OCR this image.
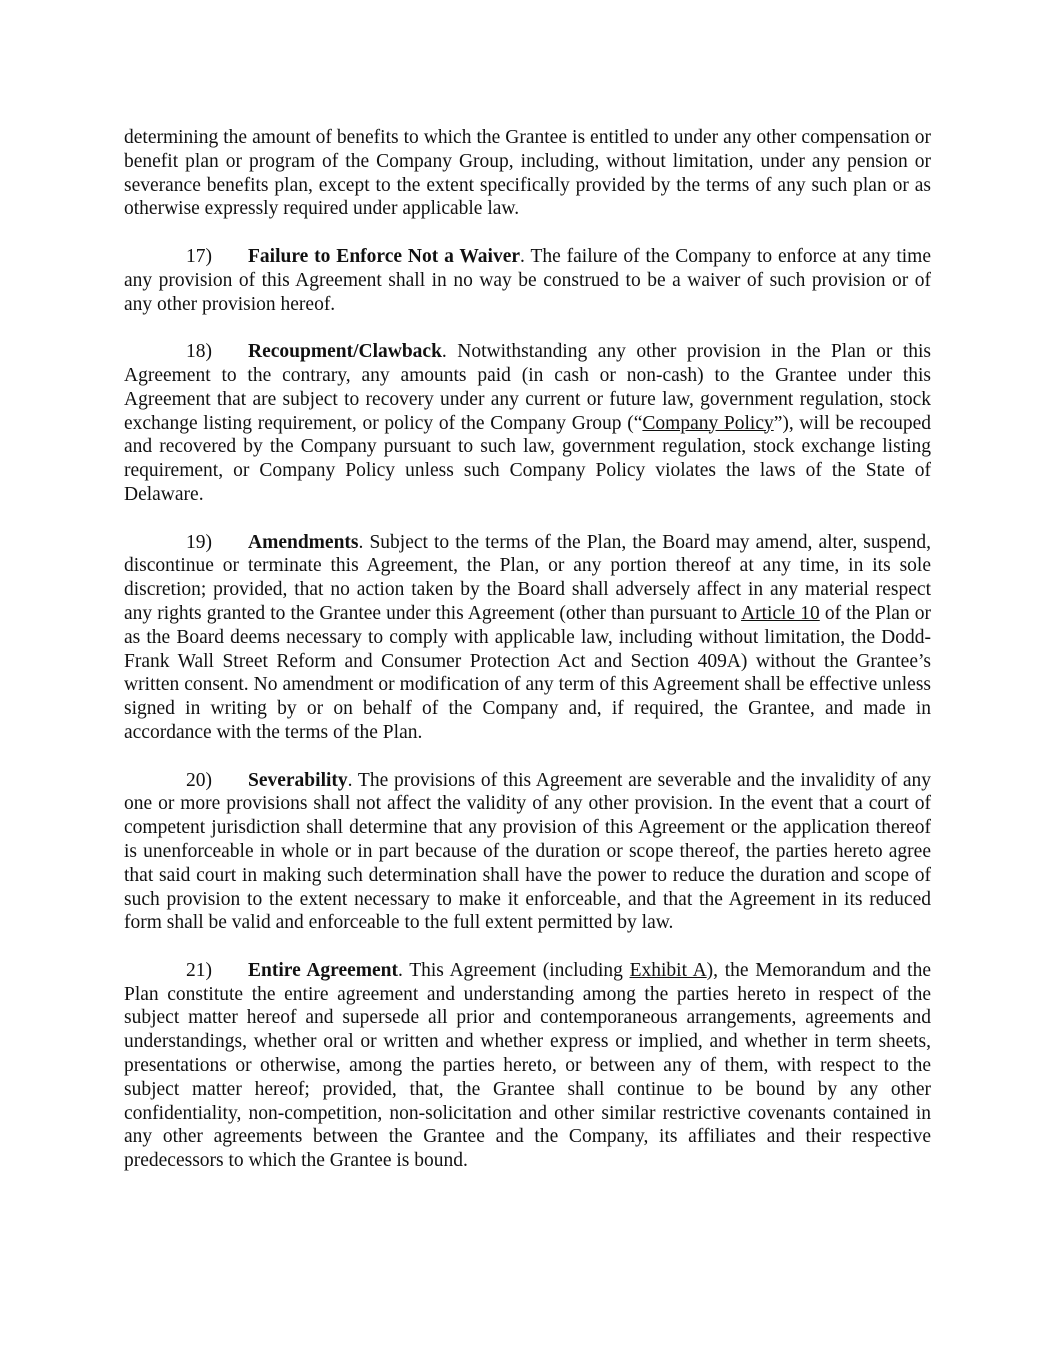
determining the amount of benefits to which the Grantee is entitled to under any other compensation or benefit plan or program of the Company Group, including, without limitation, under any pension or severance benefits plan, except to the extent specifically provided by the terms of any such plan or as otherwise expressly required under applicable law.

17) Failure to Enforce Not a Waiver. The failure of the Company to enforce at any time any provision of this Agreement shall in no way be construed to be a waiver of such provision or of any other provision hereof.

18) Recoupment/Clawback. Notwithstanding any other provision in the Plan or this Agreement to the contrary, any amounts paid (in cash or non-cash) to the Grantee under this Agreement that are subject to recovery under any current or future law, government regulation, stock exchange listing requirement, or policy of the Company Group (“Company Policy”), will be recouped and recovered by the Company pursuant to such law, government regulation, stock exchange listing requirement, or Company Policy unless such Company Policy violates the laws of the State of Delaware.

19) Amendments. Subject to the terms of the Plan, the Board may amend, alter, suspend, discontinue or terminate this Agreement, the Plan, or any portion thereof at any time, in its sole discretion; provided, that no action taken by the Board shall adversely affect in any material respect any rights granted to the Grantee under this Agreement (other than pursuant to Article 10 of the Plan or as the Board deems necessary to comply with applicable law, including without limitation, the Dodd-Frank Wall Street Reform and Consumer Protection Act and Section 409A) without the Grantee’s written consent. No amendment or modification of any term of this Agreement shall be effective unless signed in writing by or on behalf of the Company and, if required, the Grantee, and made in accordance with the terms of the Plan.

20) Severability. The provisions of this Agreement are severable and the invalidity of any one or more provisions shall not affect the validity of any other provision. In the event that a court of competent jurisdiction shall determine that any provision of this Agreement or the application thereof is unenforceable in whole or in part because of the duration or scope thereof, the parties hereto agree that said court in making such determination shall have the power to reduce the duration and scope of such provision to the extent necessary to make it enforceable, and that the Agreement in its reduced form shall be valid and enforceable to the full extent permitted by law.

21) Entire Agreement. This Agreement (including Exhibit A), the Memorandum and the Plan constitute the entire agreement and understanding among the parties hereto in respect of the subject matter hereof and supersede all prior and contemporaneous arrangements, agreements and understandings, whether oral or written and whether express or implied, and whether in term sheets, presentations or otherwise, among the parties hereto, or between any of them, with respect to the subject matter hereof; provided, that, the Grantee shall continue to be bound by any other confidentiality, non-competition, non-solicitation and other similar restrictive covenants contained in any other agreements between the Grantee and the Company, its affiliates and their respective predecessors to which the Grantee is bound.
